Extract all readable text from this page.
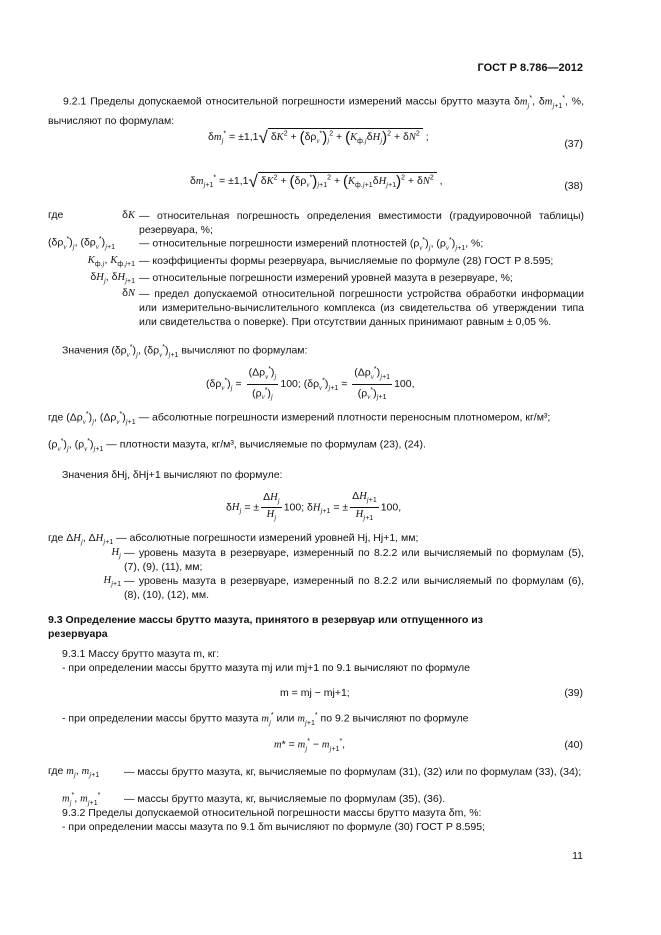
ГОСТ Р 8.786—2012
9.2.1 Пределы допускаемой относительной погрешности измерений массы брутто мазута $\delta m_j^*$, $\delta m_{j+1}^*$, %, вычисляют по формулам:
$\delta m_j^* = \pm 1,1√$ $\delta K^2 + (\delta\rho_v^*)_j^2 + (K_{ф.j}\delta H_j)^2 + \delta N^2$ ;
(37)
$\delta m_{j+1}^* = \pm 1,1√$ $\delta K^2 + (\delta\rho_v^*)_{j+1}^2 + (K_{ф.j+1}\delta H_{j+1})^2 + \delta N^2$ ,	(38)
где	δK — относительная погрешность определения вместимости (градуировочной таблицы) резервуара, %;
$(\delta\rho_v^*)_j$, $(\delta\rho_v^*)_{j+1}$ — относительные погрешности измерений плотностей $(\rho_v^*)_j$, $(\rho_v^*)_{j+1}$, %;
$K_{ф.j}$, $K_{ф.j+1}$ — коэффициенты формы резервуара, вычисляемые по формуле (28) ГОСТ Р 8.595;
$\delta H_j$, $\delta H_{j+1}$ — относительные погрешности измерений уровней мазута в резервуаре, %;
δN — предел допускаемой относительной погрешности устройства обработки информации или измерительно-вычислительного комплекса (из свидетельства об утверждении типа или свидетельства о поверке). При отсутствии данных принимают равным ± 0,05 %.
Значения $(\delta\rho_v^*)_j$, $(\delta\rho_v^*)_{j+1}$ вычисляют по формулам:
$(\delta\rho_v^*)_j = \frac{(\Delta\rho_v^*)_j}{(\rho_v^*)_j} 100$; $(\delta\rho_v^*)_{j+1} = \frac{(\Delta\rho_v^*)_{j+1}}{(\rho_v^*)_{j+1}} 100$,
где $(\Delta\rho_v^*)_j$, $(\Delta\rho_v^*)_{j+1}$ — абсолютные погрешности измерений плотности переносным плотномером, кг/м³;
$(\rho_v^*)_j$, $(\rho_v^*)_{j+1}$ — плотности мазута, кг/м³, вычисляемые по формулам (23), (24).
Значения δHj, δHj+1 вычисляют по формуле:
$\delta H_j$ = ± $\frac{\Delta H_j}{H_j} 100$; $\delta H_{j+1}$ = ± $\frac{\Delta H_{j+1}}{H_{j+1}} 100$,
где $\Delta H_j$, $\Delta H_{j+1}$ — абсолютные погрешности измерений уровней Hj, Hj+1, мм;
$H_j$ — уровень мазута в резервуаре, измеренный по 8.2.2 или вычисляемый по формулам (5), (7), (9), (11), мм;
$H_{j+1}$ — уровень мазута в резервуаре, измеренный по 8.2.2 или вычисляемый по формулам (6), (8), (10), (12), мм.
9.3 Определение массы брутто мазута, принятого в резервуар или отпущенного из резервуара
9.3.1 Массу брутто мазута m, кг:
- при определении массы брутто мазута mj или mj+1 по 9.1 вычисляют по формуле
m = mj − mj+1;	(39)
- при определении массы брутто мазута $m_j^*$ или $m_{j+1}^*$ по 9.2 вычисляют по формуле
$m* = m_j^* - m_{j+1}^*$,	(40)
где $m_j$, $m_{j+1}$ — массы брутто мазута, кг, вычисляемые по формулам (31), (32) или по формулам (33), (34);
$m_j^*$, $m_{j+1}^*$ — массы брутто мазута, кг, вычисляемые по формулам (35), (36).
9.3.2 Пределы допускаемой относительной погрешности массы брутто мазута δm, %:
- при определении массы мазута по 9.1 δm вычисляют по формуле (30) ГОСТ Р 8.595;
11
